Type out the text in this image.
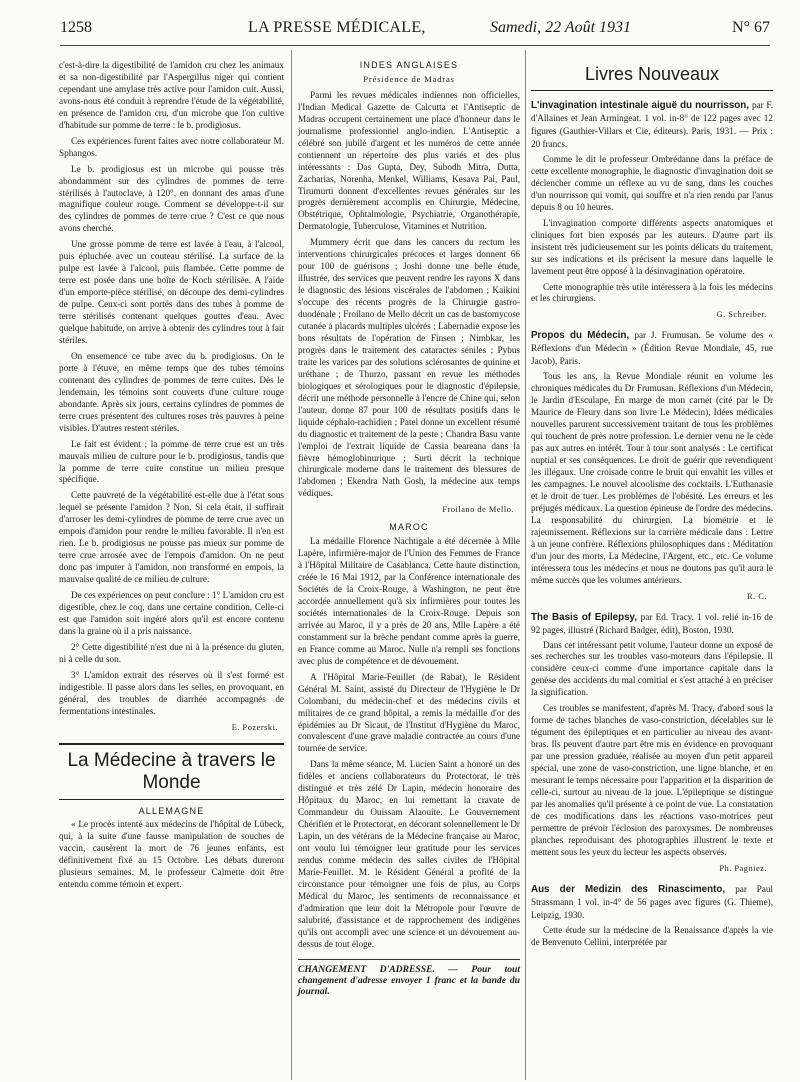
1258	LA PRESSE MÉDICALE,	Samedi, 22 Août 1931	N° 67

c'est-à-dire la digestibilité de l'amidon cru chez les animaux et sa non-digestibilité par l'Aspergillus niger qui contient cependant une amylase très active pour l'amidon cuit. Aussi, avons-nous été conduit à reprendre l'étude de la végétabilité, en présence de l'amidon cru, d'un microbe que l'on cultive d'habitude sur pomme de terre : le b. prodigiosus.

Ces expériences furent faites avec notre collaborateur M. Sphangos.

Le b. prodigiosus est un microbe qui pousse très abondamment sur des cylindres de pommes de terre stérilisés à l'autoclave, à 120°, en donnant des amas d'une magnifique couleur rouge. Comment se développe-t-il sur des cylindres de pommes de terre crue ? C'est ce que nous avons cherché.

Une grosse pomme de terre est lavée à l'eau, à l'alcool, puis épluchée avec un couteau stérilisé. La surface de la pulpe est lavée à l'alcool, puis flambée. Cette pomme de terre est posée dans une boîte de Koch stérilisée. A l'aide d'un emporte-pièce stérilisé, on découpe des demi-cylindres de pulpe. Ceux-ci sont portés dans des tubes à pomme de terre stérilisés contenant quelques gouttes d'eau. Avec quelque habitude, on arrive à obtenir des cylindres tout à fait stériles.

On ensemence ce tube avec du b. prodigiosus. On le porte à l'étuve, en même temps que des tubes témoins contenant des cylindres de pommes de terre cuites. Dès le lendemain, les témoins sont couverts d'une culture rouge abondante. Après six jours, certains cylindres de pommes de terre crues présentent des cultures roses très pauvres à peine visibles. D'autres restent stériles.

Le fait est évident ; la pomme de terre crue est un très mauvais milieu de culture pour le b. prodigiosus, tandis que la pomme de terre cuite constitue un milieu presque spécifique.

Cette pauvreté de la végétabilité est-elle due à l'état sous lequel se présente l'amidon ? Non. Si cela était, il suffirait d'arroser les demi-cylindres de pomme de terre crue avec un empois d'amidon pour rendre le milieu favorable. Il n'en est rien. Le b. prodigiosus ne pousse pas mieux sur pomme de terre crue arrosée avec de l'empois d'amidon. On ne peut donc pas imputer à l'amidon, non transformé en empois, la mauvaise qualité de ce milieu de culture.

De ces expériences on peut conclure : 1° L'amidon cru est digestible, chez le coq, dans une certaine condition. Celle-ci est que l'amidon soit ingéré alors qu'il est encore contenu dans la graine où il a pris naissance.

2° Cette digestibilité n'est due ni à la présence du gluten, ni à celle du son.

3° L'amidon extrait des réserves où il s'est formé est indigestible. Il passe alors dans les selles, en provoquant, en général, des troubles de diarrhée accompagnés de fermentations intestinales.

E. Pozerski.
La Médecine à travers le Monde
ALLEMAGNE

« Le procès intenté aux médecins de l'hôpital de Lübeck, qui, à la suite d'une fausse manipulation de souches de vaccin, causèrent la mort de 76 jeunes enfants, est définitivement fixé au 15 Octobre. Les débats dureront plusieurs semaines. M. le professeur Calmette doit être entendu comme témoin et expert.

INDES ANGLAISES
Présidence de Madras

Parmi les revues médicales indiennes non officielles, l'Indian Medical Gazette de Calcutta et l'Antiseptic de Madras occupent certainement une place d'honneur dans le journalisme professionnel anglo-indien. L'Antiseptic a célébré son jubilé d'argent et les numéros de cette année contiennent un répertoire des plus variés et des plus intéressants : Das Gupta, Dey, Subodh Mitra, Dutta, Zacharias, Norenha, Menkel, Williams, Kesava Pai, Paul, Tirumurti donnent d'excellentes revues générales sur les progrès dernièrement accomplis en Chirurgie, Médecine, Obstétrique, Ophtalmologie, Psychiatrie, Organothérapie, Dermatologie, Tuberculose, Vitamines et Nutrition.

Mummery écrit que dans les cancers du rectum les interventions chirurgicales précoces et larges donnent 66 pour 100 de guérisons ; Joshi donne une belle étude, illustrée, des services que peuvent rendre les rayons X dans le diagnostic des lésions viscérales de l'abdomen ; Kaikini s'occupe des récents progrès de la Chirurgie gastro-duodénale ; Froilano de Mello décrit un cas de bastomycose cutanée à placards multiples ulcérés ; Labernadie expose les bons résultats de l'opération de Finsen ; Nimbkar, les progrès dans le traitement des cataractes séniles ; Pybus traite les varices par des solutions sclérosantes de quinine et uréthane ; de Thurzo, passant en revue les méthodes biologiques et sérologiques pour le diagnostic d'épilepsie, décrit une méthode personnelle à l'encre de Chine qui, selon l'auteur, donne 87 pour 100 de résultats positifs dans le liquide céphalo-rachidien ; Patel donne un excellent résumé du diagnostic et traitement de la peste ; Chandra Basu vante l'emploi de l'extrait liquide de Cassia beareana dans la fièvre hémoglobinurique ; Surti décrit la technique chirurgicale moderne dans le traitement des blessures de l'abdomen ; Ekendra Nath Gosh, la médecine aux temps védiques.

Froilano de Mello.
MAROC

La médaille Florence Nachtigale a été décernée à Mlle Lapère, infirmière-major de l'Union des Femmes de France à l'Hôpital Militaire de Casablanca. Cette haute distinction, créée le 16 Mai 1912, par la Conférence internationale des Sociétés de la Croix-Rouge, à Washington, ne peut être accordée annuellement qu'à six infirmières pour toutes les sociétés internationales de la Croix-Rouge. Depuis son arrivée au Maroc, il y a près de 20 ans, Mlle Lapère a été constamment sur la brèche pendant comme après la guerre, en France comme au Maroc. Nulle n'a rempli ses fonctions avec plus de compétence et de dévouement.

A l'Hôpital Marie-Feuillet (de Rabat), le Résident Général M. Saint, assisté du Directeur de l'Hygiène le Dr Colombani, du médecin-chef et des médecins civils et militaires de ce grand hôpital, a remis la médaille d'or des épidémies au Dr Sicaut, de l'Institut d'Hygiène du Maroc, convalescent d'une grave maladie contractée au cours d'une tournée de service.

Dans la même séance, M. Lucien Saint a honoré un des fidèles et anciens collaborateurs du Protectorat, le très distingué et très zélé Dr Lapin, médecin honoraire des Hôpitaux du Maroc, en lui remettant la cravate de Commandeur du Ouissam Alaouite. Le Gouvernement Chérifien et le Protectorat, en décorant solennellement le Dr Lapin, un des vétérans de la Médecine française au Maroc, ont voulu lui témoigner leur gratitude pour les services rendus comme médecin des salles civiles de l'Hôpital Marie-Feuillet. M. le Résident Général a profité de la circonstance pour témoigner une fois de plus, au Corps Médical du Maroc, les sentiments de reconnaissance et d'admiration que leur doit la Métropole pour l'œuvre de salubrité, d'assistance et de rapprochement des indigènes qu'ils ont accompli avec une science et un dévouement au-dessus de tout éloge.

CHANGEMENT D'ADRESSE. — Pour tout changement d'adresse envoyer 1 franc et la bande du journal.
Livres Nouveaux
L'invagination intestinale aiguë du nourrisson, par F. d'Allaines et Jean Armingeat. 1 vol. in-8° de 122 pages avec 12 figures (Gauthier-Villars et Cie, éditeurs). Paris, 1931. — Prix : 20 francs.

Comme le dit le professeur Ombrédanne dans la préface de cette excellente monographie, le diagnostic d'invagination doit se déclencher comme un réflexe au vu de sang, dans les couches d'un nourrisson qui vomit, qui souffre et n'a rien rendu par l'anus depuis 8 ou 10 heures.

L'invagination comporte différents aspects anatomiques et cliniques fort bien exposés par les auteurs. D'autre part ils insistent très judicieusement sur les points délicats du traitement, sur ses indications et ils précisent la mesure dans laquelle le lavement peut être opposé à la désinvagination opératoire.

Cette monographie très utile intéressera à la fois les médecins et les chirurgiens.

G. Schreiber.
Propos du Médecin, par J. Frumusan. 5e volume des « Réflexions d'un Médecin » (Édition Revue Mondiale, 45, rue Jacob), Paris.

Tous les ans, la Revue Mondiale réunit en volume les chroniques médicales du Dr Frumusan. Réflexions d'un Médecin, le Jardin d'Esculape, En marge de mon carnet (cité par le Dr Maurice de Fleury dans son livre Le Médecin), Idées médicales nouvelles parurent successivement traitant de tous les problèmes qui touchent de près notre profession. Le dernier venu ne le cède pas aux autres en intérêt. Tour à tour sont analysés : Le certificat nuptial et ses conséquences. Le droit de guérir que revendiquent les illégaux. Une croisade contre le bruit qui envahit les villes et les campagnes. Le nouvel alcoolisme des cocktails. L'Euthanasie et le droit de tuer. Les problèmes de l'obésité. Les erreurs et les préjugés médicaux. La question épineuse de l'ordre des médecins. La responsabilité du chirurgien. La biométrie et le rajeunissement. Réflexions sur la carrière médicale dans : Lettre à un jeune confrère. Réflexions philosophiques dans : Méditation d'un jour des morts, La Médecine, l'Argent, etc., etc. Ce volume intéressera tous les médecins et nous ne doutons pas qu'il aura le même succès que les volumes antérieurs.

R. C.
The Basis of Epilepsy, par Ed. Tracy. 1 vol. relié in-16 de 92 pages, illustré (Richard Badger, édit), Boston, 1930.

Dans cet intéressant petit volume, l'auteur donne un exposé de ses recherches sur les troubles vaso-moteurs dans l'épilepsie. Il considère ceux-ci comme d'une importance capitale dans la genèse des accidents du mal comitial et s'est attaché à en préciser la signification.

Ces troubles se manifestent, d'après M. Tracy, d'abord sous la forme de taches blanches de vaso-constriction, décelables sur le tégument des épileptiques et en particulier au niveau des avant-bras. Ils peuvent d'autre part être mis en évidence en provoquant par une pression graduée, réalisée au moyen d'un petit appareil spécial, une zone de vaso-constriction, une ligne blanche, et en mesurant le temps nécessaire pour l'apparition et la disparition de celle-ci, surtout au niveau de la joue. L'épileptique se distingue par les anomalies qu'il présente à ce point de vue. La constatation de ces modifications dans les réactions vaso-motrices peut permettre de prévoir l'éclosion des paroxysmes. De nombreuses planches reproduisant des photographies illustrent le texte et mettent sous les yeux du lecteur les aspects observés.

Ph. Pagniez.
Aus der Medizin des Rinascimento, par Paul Strassmann 1 vol. in-4° de 56 pages avec figures (G. Thieme), Leipzig, 1930.

Cette étude sur la médecine de la Renaissance d'après la vie de Benvenuto Cellini, interprétée par
